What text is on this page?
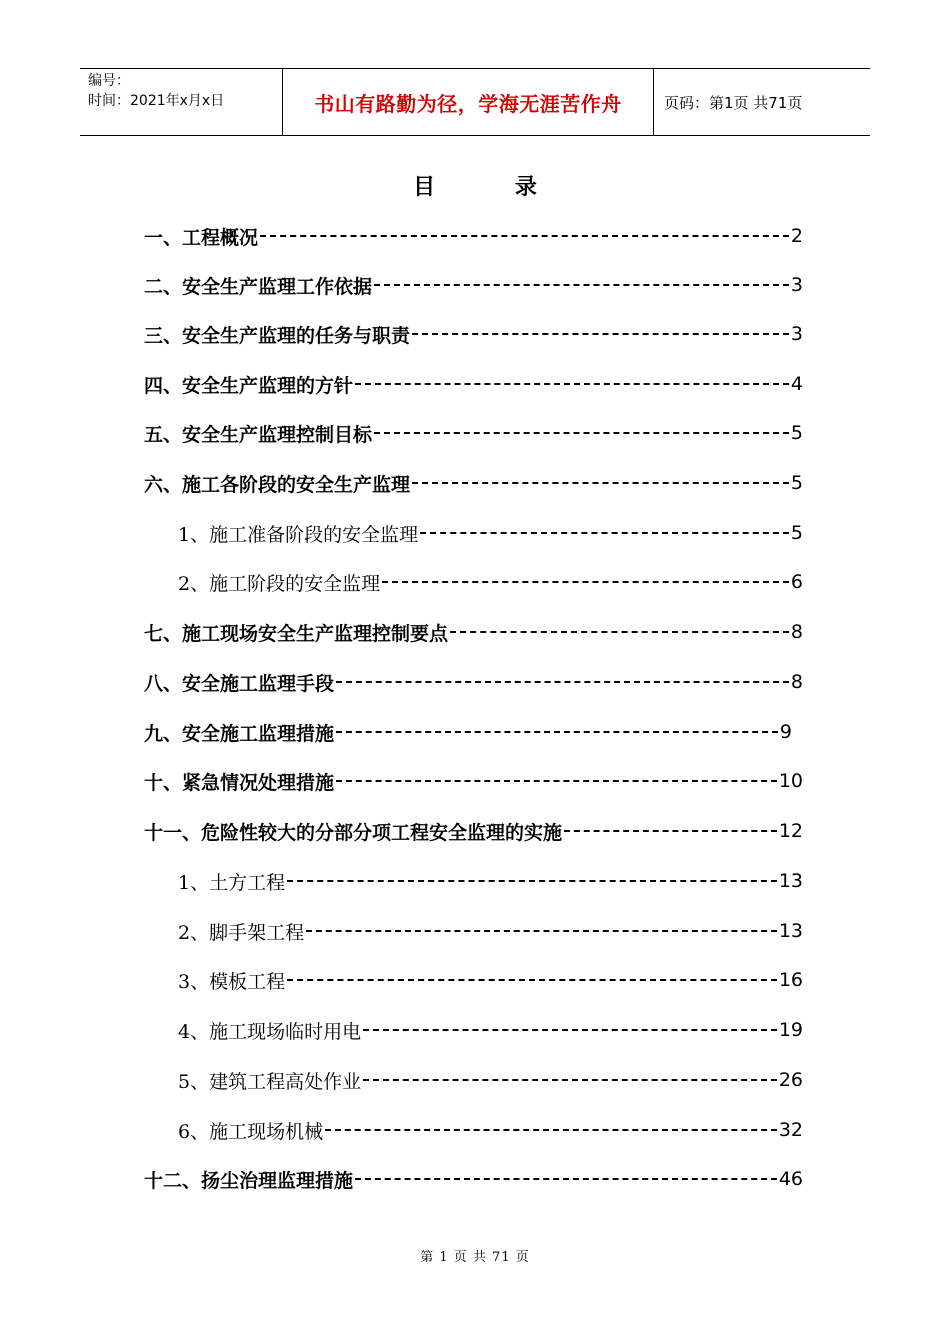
编号：
时间：2021年x月x日	书山有路勤为径，学海无涯苦作舟	页码：第1页 共71页
目 录
一、工程概况	2
二、安全生产监理工作依据	3
三、安全生产监理的任务与职责	3
四、安全生产监理的方针	4
五、安全生产监理控制目标	5
六、施工各阶段的安全生产监理	5
1、施工准备阶段的安全监理	5
2、施工阶段的安全监理	6
七、施工现场安全生产监理控制要点	8
八、安全施工监理手段	8
九、安全施工监理措施	9
十、紧急情况处理措施	10
十一、危险性较大的分部分项工程安全监理的实施	12
1、土方工程	13
2、脚手架工程	13
3、模板工程	16
4、施工现场临时用电	19
5、建筑工程高处作业	26
6、施工现场机械	32
十二、扬尘治理监理措施	46
第 1 页 共 71 页
